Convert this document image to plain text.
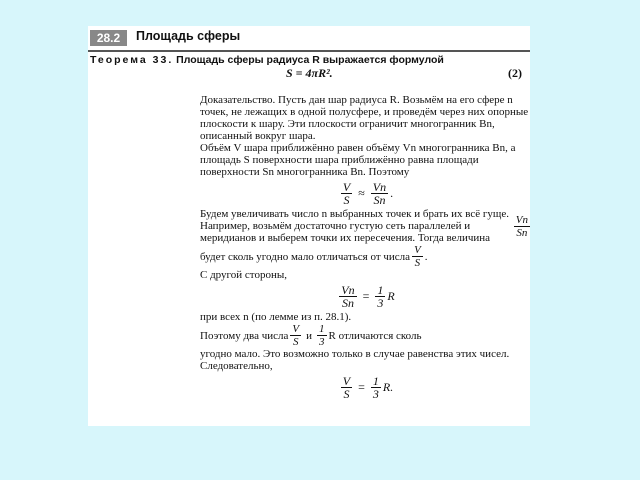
28.2	Площадь сферы
Теорема 33. Площадь сферы радиуса R выражается формулой
S = 4πR².	(2)

Доказательство. Пусть дан шар радиуса R. Возьмём на его сфере n точек, не лежащих в одной полусфере, и проведём через них опорные плоскости к шару. Эти плоскости ограничит многогранник Bn, описанный вокруг шара.

Объём V шара приближённо равен объёму Vn многогранника Bn, а площадь S поверхности шара приближённо равна площади поверхности Sn многогранника Bn. Поэтому

$\frac{V}{S} \approx \frac{Vn}{Sn}$ .

Будем увеличивать число n выбранных точек и брать их всё гуще. Например, возьмём достаточно густую сеть параллелей и меридианов и выберем точки их пересечения. Тогда величина	$\frac{Vn}{Sn}$
будет сколь угодно мало отличаться от числа $\frac{V}{S}$ .

С другой стороны,

$\frac{Vn}{Sn} = \frac{1}{3}$ R

при всех n (по лемме из п. 28.1).

Поэтому два числа $\frac{V}{S}$ и $\frac{1}{3}$ R отличаются сколь

угодно мало. Это возможно только в случае равенства этих чисел.

Следовательно,

$\frac{V}{S} = \frac{1}{3} R$.
